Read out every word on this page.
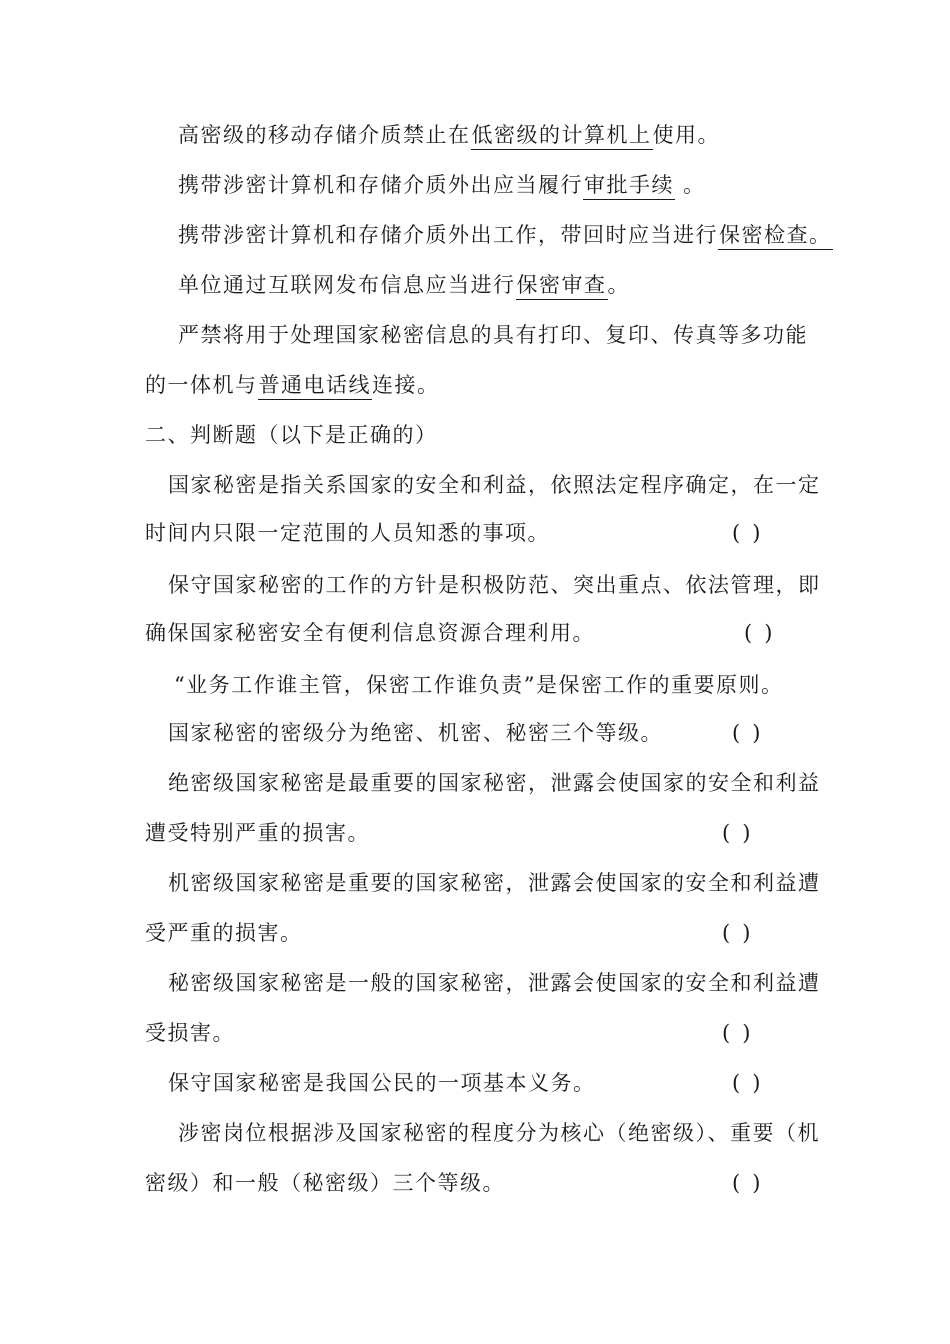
高密级的移动存储介质禁止在低密级的计算机上使用。
携带涉密计算机和存储介质外出应当履行审批手续 。
携带涉密计算机和存储介质外出工作，带回时应当进行保密检查。
单位通过互联网发布信息应当进行保密审查。
严禁将用于处理国家秘密信息的具有打印、复印、传真等多功能
的一体机与普通电话线连接。
二、判断题（以下是正确的）
国家秘密是指关系国家的安全和利益，依照法定程序确定，在一定
时间内只限一定范围的人员知悉的事项。	()
保守国家秘密的工作的方针是积极防范、突出重点、依法管理，即
确保国家秘密安全有便利信息资源合理利用。	()
“业务工作谁主管，保密工作谁负责”是保密工作的重要原则。
国家秘密的密级分为绝密、机密、秘密三个等级。	()
绝密级国家秘密是最重要的国家秘密，泄露会使国家的安全和利益
遭受特别严重的损害。	()
机密级国家秘密是重要的国家秘密，泄露会使国家的安全和利益遭
受严重的损害。	()
秘密级国家秘密是一般的国家秘密，泄露会使国家的安全和利益遭
受损害。	()
保守国家秘密是我国公民的一项基本义务。	()
涉密岗位根据涉及国家秘密的程度分为核心（绝密级）、重要（机
密级）和一般（秘密级）三个等级。	()
